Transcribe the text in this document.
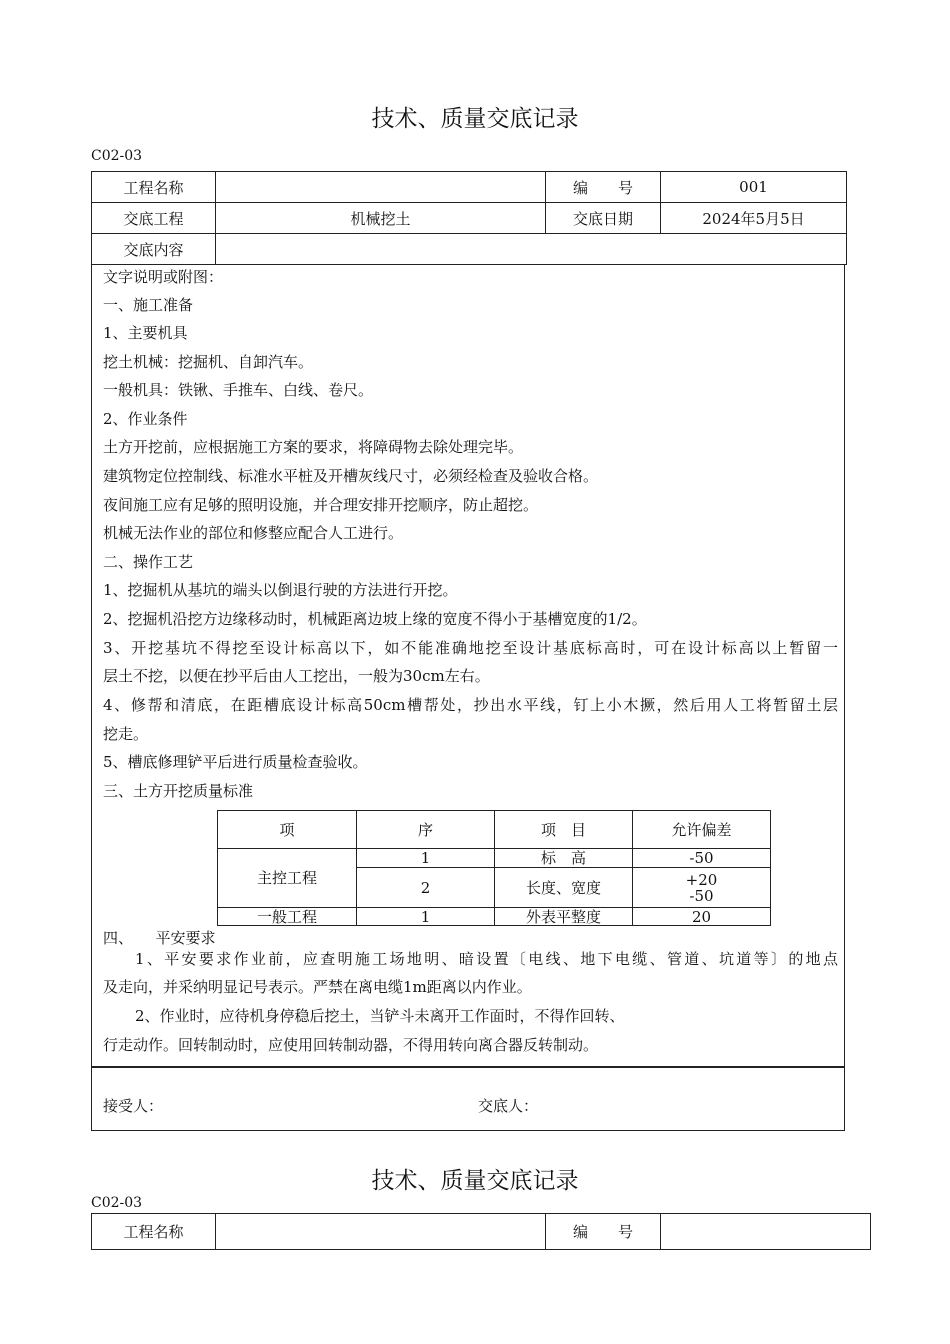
技术、质量交底记录
C02-03
工程名称		编　　号	001
交底工程	机械挖土	交底日期	2024年5月5日
交底内容			
文字说明或附图：
一、施工准备
1、主要机具
挖土机械：挖掘机、自卸汽车。
一般机具：铁锹、手推车、白线、卷尺。
2、作业条件
土方开挖前，应根据施工方案的要求，将障碍物去除处理完毕。
建筑物定位控制线、标准水平桩及开槽灰线尺寸，必须经检查及验收合格。
夜间施工应有足够的照明设施，并合理安排开挖顺序，防止超挖。
机械无法作业的部位和修整应配合人工进行。
二、操作工艺
1、挖掘机从基坑的端头以倒退行驶的方法进行开挖。
2、挖掘机沿挖方边缘移动时，机械距离边坡上缘的宽度不得小于基槽宽度的1/2。
3、开挖基坑不得挖至设计标高以下，如不能准确地挖至设计基底标高时，可在设计标高以上暂留一
层土不挖，以便在抄平后由人工挖出，一般为30cm左右。
4、修帮和清底，在距槽底设计标高50cm槽帮处，抄出水平线，钉上小木撅，然后用人工将暂留土层
挖走。
5、槽底修理铲平后进行质量检查验收。
三、土方开挖质量标准
项	序	项　目	允许偏差
主控工程	1	标　高	-50
	2	长度、宽度	+20
-50

一般工程	1	外表平整度	20
四、　　平安要求
1、平安要求作业前，应查明施工场地明、暗设置〔电线、地下电缆、管道、坑道等〕的地点
及走向，并采纳明显记号表示。严禁在离电缆1m距离以内作业。
2、作业时，应待机身停稳后挖土，当铲斗未离开工作面时，不得作回转、
行走动作。回转制动时，应使用回转制动器，不得用转向离合器反转制动。
接受人：	交底人：
技术、质量交底记录
C02-03
工程名称		编　　号	
